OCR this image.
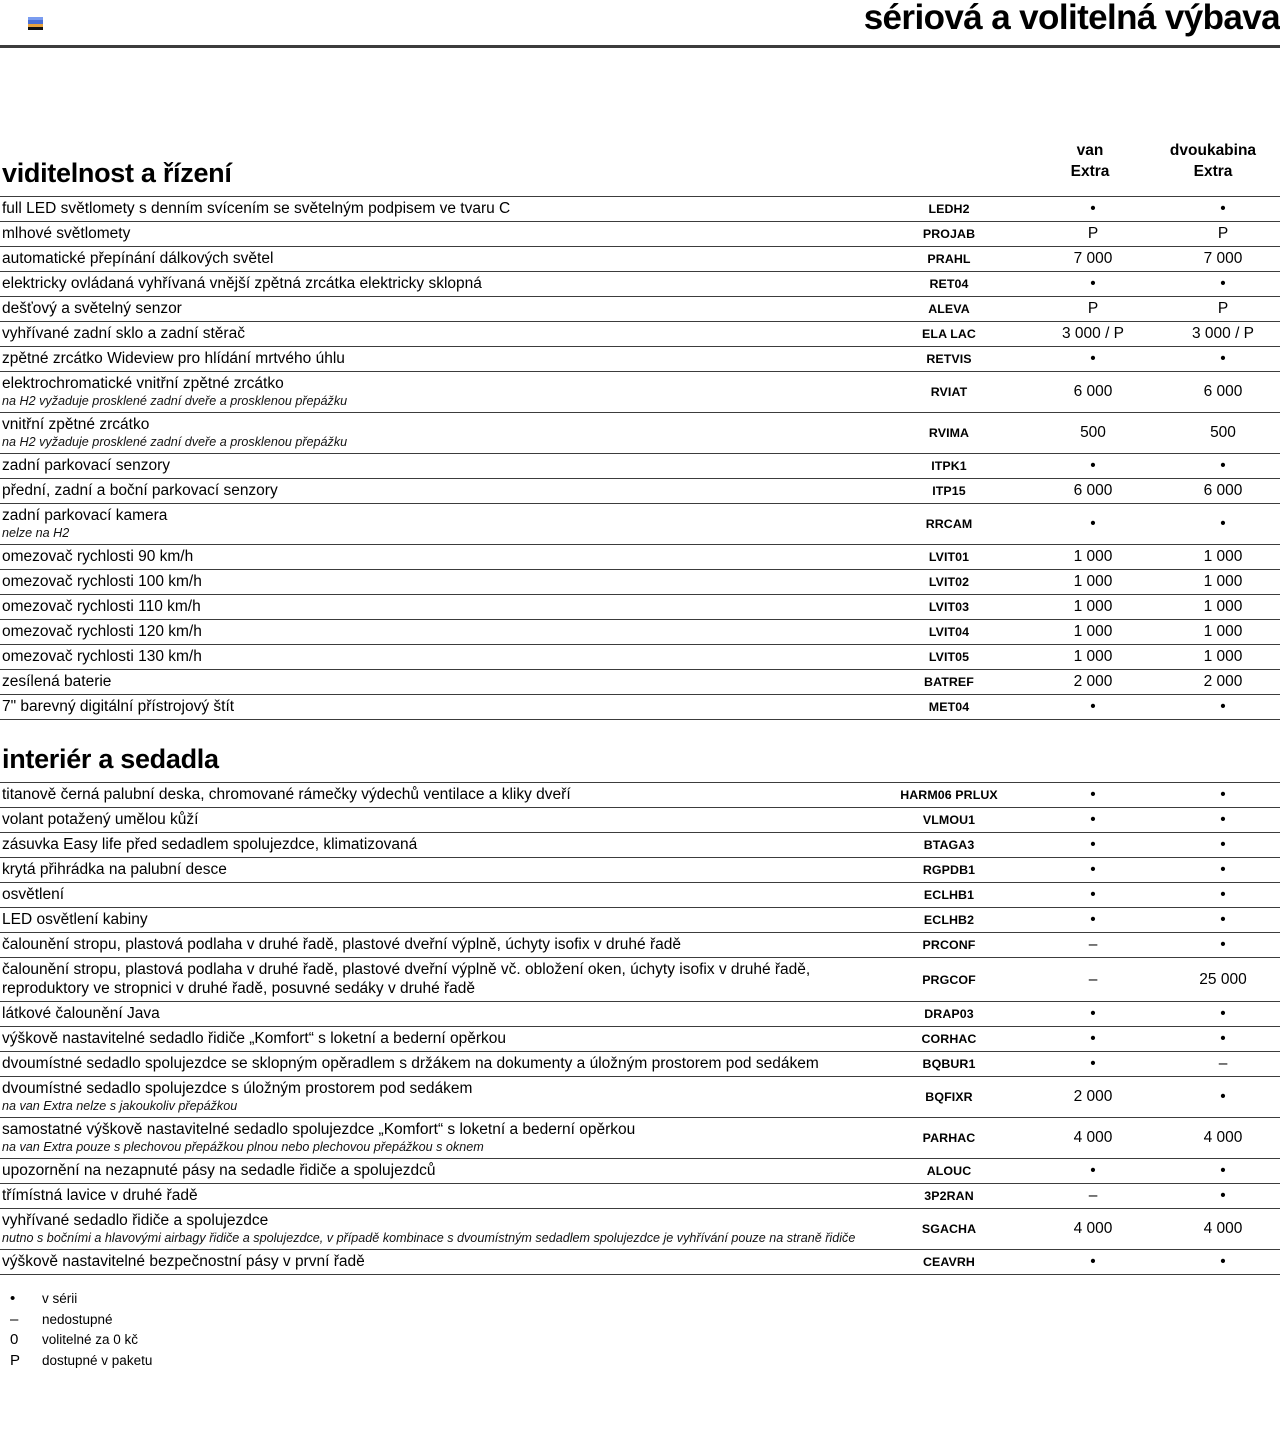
sériová a volitelná výbava
van
Extra
dvoukabina
Extra
viditelnost a řízení
full LED světlomety s denním svícením se světelným podpisem ve tvaru C	LEDH2	•	•

mlhové světlomety	PROJAB	P	P

automatické přepínání dálkových světel	PRAHL	7 000	7 000

elektricky ovládaná vyhřívaná vnější zpětná zrcátka elektricky sklopná	RET04	•	•

dešťový a světelný senzor	ALEVA	P	P

vyhřívané zadní sklo a zadní stěrač	ELA LAC	3 000 / P	3 000 / P

zpětné zrcátko Wideview pro hlídání mrtvého úhlu	RETVIS	•	•

elektrochromatické vnitřní zpětné zrcátko
na H2 vyžaduje prosklené zadní dveře a prosklenou přepážku	RVIAT	6 000	6 000

vnitřní zpětné zrcátko
na H2 vyžaduje prosklené zadní dveře a prosklenou přepážku	RVIMA	500	500

zadní parkovací senzory	ITPK1	•	•

přední, zadní a boční parkovací senzory	ITP15	6 000	6 000

zadní parkovací kamera
nelze na H2	RRCAM	•	•

omezovač rychlosti 90 km/h	LVIT01	1 000	1 000

omezovač rychlosti 100 km/h	LVIT02	1 000	1 000

omezovač rychlosti 110 km/h	LVIT03	1 000	1 000

omezovač rychlosti 120 km/h	LVIT04	1 000	1 000

omezovač rychlosti 130 km/h	LVIT05	1 000	1 000

zesílená baterie	BATREF	2 000	2 000

7" barevný digitální přístrojový štít	MET04	•	•
interiér a sedadla
titanově černá palubní deska, chromované rámečky výdechů ventilace a kliky dveří	HARM06 PRLUX	•	•

volant potažený umělou kůží	VLMOU1	•	•

zásuvka Easy life před sedadlem spolujezdce, klimatizovaná	BTAGA3	•	•

krytá přihrádka na palubní desce	RGPDB1	•	•

osvětlení	ECLHB1	•	•

LED osvětlení kabiny	ECLHB2	•	•

čalounění stropu, plastová podlaha v druhé řadě, plastové dveřní výplně, úchyty isofix v druhé řadě	PRCONF	–	•

čalounění stropu, plastová podlaha v druhé řadě, plastové dveřní výplně vč. obložení oken, úchyty isofix v druhé řadě, reproduktory ve stropnici v druhé řadě, posuvné sedáky v druhé řadě	PRGCOF	–	25 000

látkové čalounění Java	DRAP03	•	•

výškově nastavitelné sedadlo řidiče „Komfort“ s loketní a bederní opěrkou	CORHAC	•	•

dvoumístné sedadlo spolujezdce se sklopným opěradlem s držákem na dokumenty a úložným prostorem pod sedákem	BQBUR1	•	–

dvoumístné sedadlo spolujezdce s úložným prostorem pod sedákem
na van Extra nelze s jakoukoliv přepážkou	BQFIXR	2 000	•

samostatné výškově nastavitelné sedadlo spolujezdce „Komfort“ s loketní a bederní opěrkou
na van Extra pouze s plechovou přepážkou plnou nebo plechovou přepážkou s oknem	PARHAC	4 000	4 000

upozornění na nezapnuté pásy na sedadle řidiče a spolujezdců	ALOUC	•	•

třímístná lavice v druhé řadě	3P2RAN	–	•

vyhřívané sedadlo řidiče a spolujezdce
nutno s bočními a hlavovými airbagy řidiče a spolujezdce, v případě kombinace s dvoumístným sedadlem spolujezdce je vyhřívání pouze na straně řidiče	SGACHA	4 000	4 000

výškově nastavitelné bezpečnostní pásy v první řadě	CEAVRH	•	•
•	v sérii
–	nedostupné
0	volitelné za 0 kč
P	dostupné v paketu
